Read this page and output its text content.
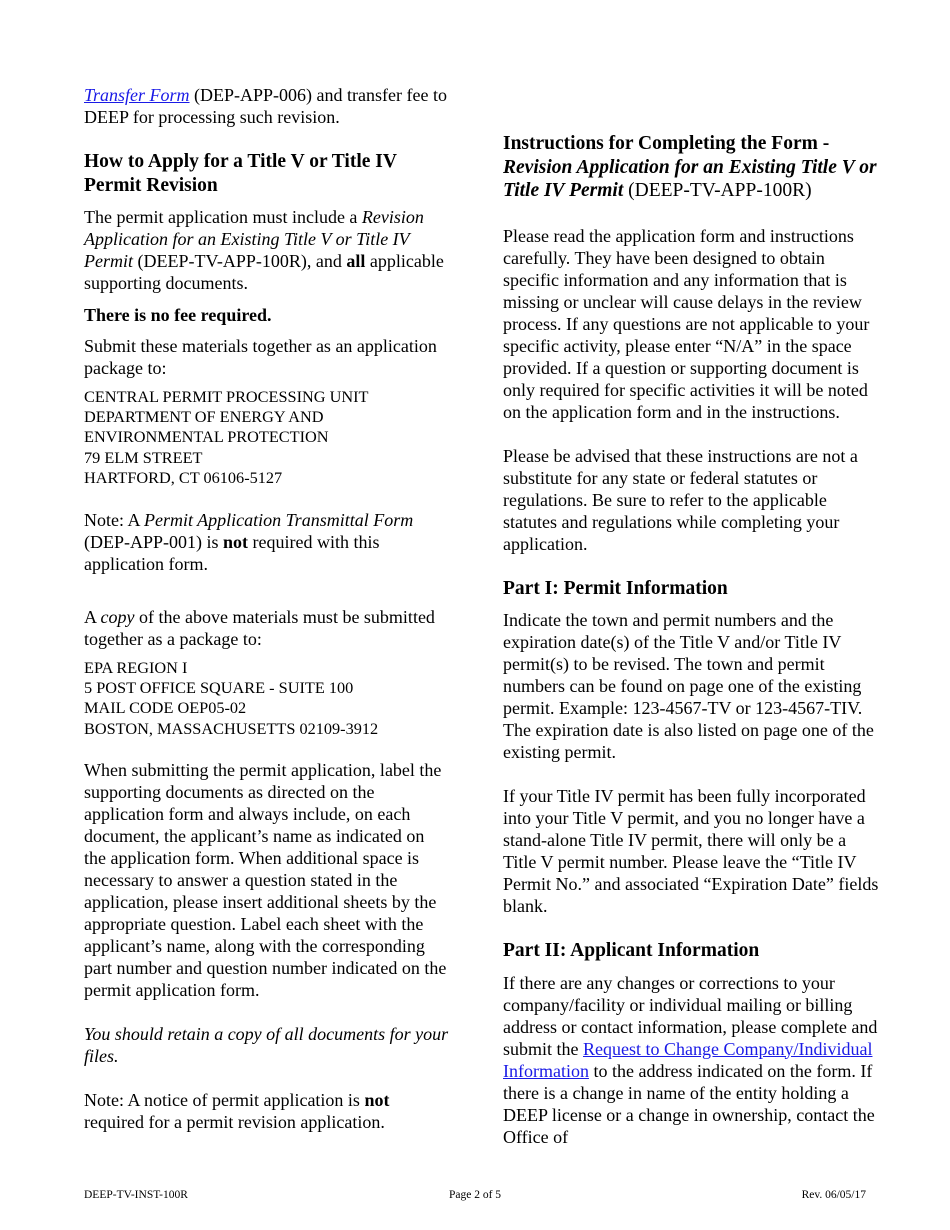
Transfer Form (DEP-APP-006) and transfer fee to DEEP for processing such revision.

How to Apply for a Title V or Title IV Permit Revision

The permit application must include a Revision Application for an Existing Title V or Title IV Permit (DEEP-TV-APP-100R), and all applicable supporting documents.

There is no fee required.

Submit these materials together as an application package to:

CENTRAL PERMIT PROCESSING UNIT
DEPARTMENT OF ENERGY AND
ENVIRONMENTAL PROTECTION
79 ELM STREET
HARTFORD, CT 06106-5127

Note: A Permit Application Transmittal Form (DEP-APP-001) is not required with this application form.

A copy of the above materials must be submitted together as a package to:

EPA REGION I
5 POST OFFICE SQUARE - SUITE 100
MAIL CODE OEP05-02
BOSTON, MASSACHUSETTS 02109-3912

When submitting the permit application, label the supporting documents as directed on the application form and always include, on each document, the applicant’s name as indicated on the application form. When additional space is necessary to answer a question stated in the application, please insert additional sheets by the appropriate question. Label each sheet with the applicant’s name, along with the corresponding part number and question number indicated on the permit application form.

You should retain a copy of all documents for your files.

Note: A notice of permit application is not required for a permit revision application.

Instructions for Completing the Form - Revision Application for an Existing Title V or Title IV Permit (DEEP-TV-APP-100R)

Please read the application form and instructions carefully. They have been designed to obtain specific information and any information that is missing or unclear will cause delays in the review process. If any questions are not applicable to your specific activity, please enter “N/A” in the space provided. If a question or supporting document is only required for specific activities it will be noted on the application form and in the instructions.

Please be advised that these instructions are not a substitute for any state or federal statutes or regulations. Be sure to refer to the applicable statutes and regulations while completing your application.

Part I: Permit Information

Indicate the town and permit numbers and the expiration date(s) of the Title V and/or Title IV permit(s) to be revised. The town and permit numbers can be found on page one of the existing permit. Example: 123-4567-TV or 123-4567-TIV. The expiration date is also listed on page one of the existing permit.

If your Title IV permit has been fully incorporated into your Title V permit, and you no longer have a stand-alone Title IV permit, there will only be a Title V permit number. Please leave the “Title IV Permit No.” and associated “Expiration Date” fields blank.

Part II: Applicant Information

If there are any changes or corrections to your company/facility or individual mailing or billing address or contact information, please complete and submit the Request to Change Company/Individual Information to the address indicated on the form. If there is a change in name of the entity holding a DEEP license or a change in ownership, contact the Office of

DEEP-TV-INST-100R	Page 2 of 5	Rev. 06/05/17
